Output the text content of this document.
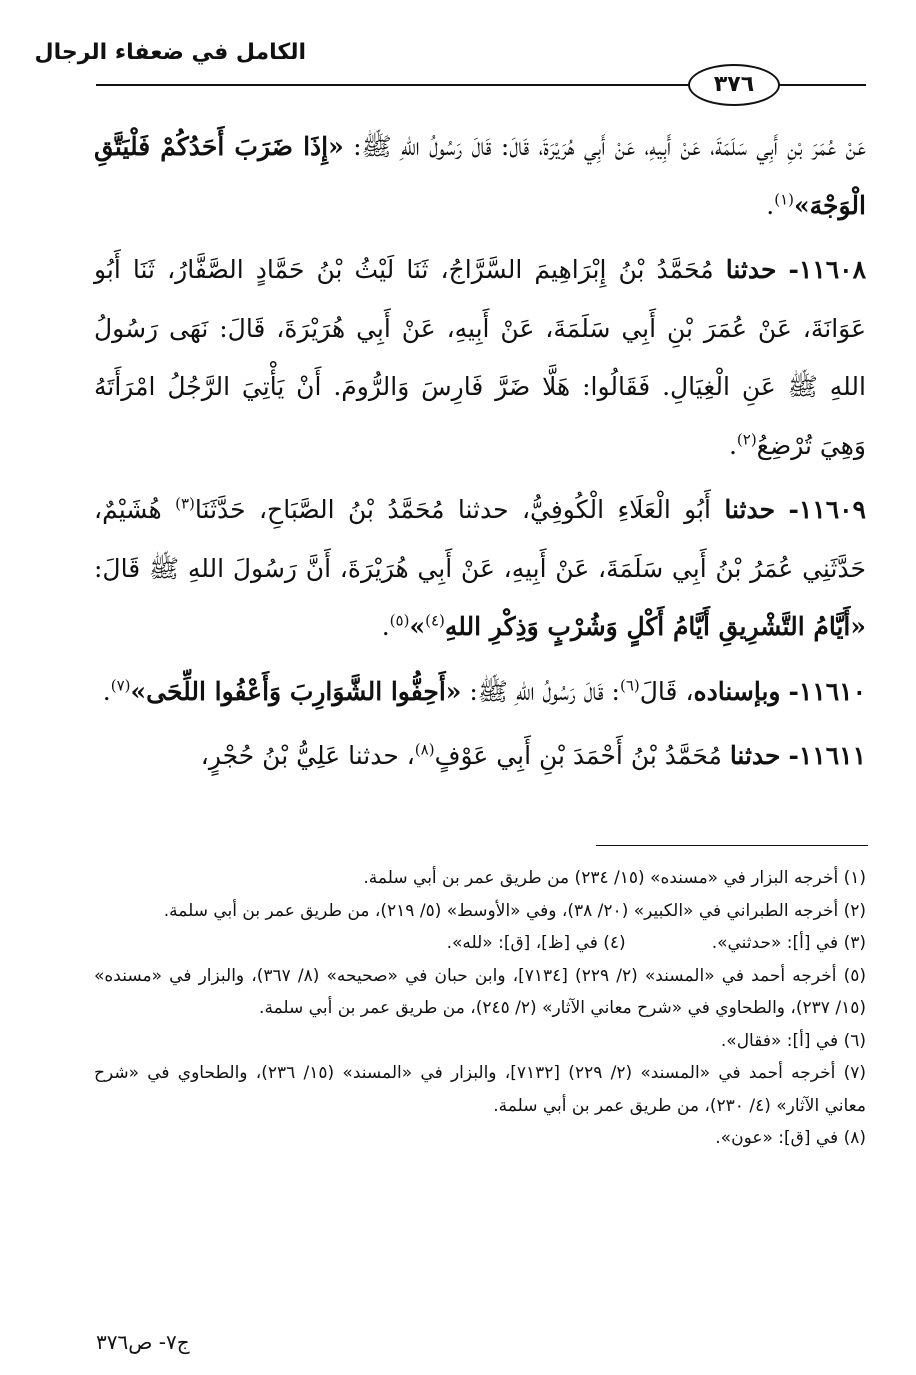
الكامل في ضعفاء الرجال
٣٧٦

عَنْ عُمَرَ بْنِ أَبِي سَلَمَةَ، عَنْ أَبِيهِ، عَنْ أَبِي هُرَيْرَةَ، قَالَ: قَالَ رَسُولُ اللهِ ﷺ: «إِذَا ضَرَبَ أَحَدُكُمْ فَلْيَتَّقِ الْوَجْهَ»$^{(١)}$.

١١٦٠٨- حدثنا مُحَمَّدُ بْنُ إِبْرَاهِيمَ السَّرَّاجُ، ثَنَا لَيْثُ بْنُ حَمَّادٍ الصَّفَّارُ، ثَنَا أَبُو عَوَانَةَ، عَنْ عُمَرَ بْنِ أَبِي سَلَمَةَ، عَنْ أَبِيهِ، عَنْ أَبِي هُرَيْرَةَ، قَالَ: نَهَى رَسُولُ اللهِ ﷺ عَنِ الْغِيَالِ. فَقَالُوا: هَلَّا ضَرَّ فَارِسَ وَالرُّومَ. أَنْ يَأْتِيَ الرَّجُلُ امْرَأَتَهُ وَهِيَ تُرْضِعُ$^{(٢)}$.

١١٦٠٩- حدثنا أَبُو الْعَلَاءِ الْكُوفِيُّ، حدثنا مُحَمَّدُ بْنُ الصَّبَاحِ، حَدَّثَنَا$^{(٣)}$ هُشَيْمٌ، حَدَّثَنِي عُمَرُ بْنُ أَبِي سَلَمَةَ، عَنْ أَبِيهِ، عَنْ أَبِي هُرَيْرَةَ، أَنَّ رَسُولَ اللهِ ﷺ قَالَ: «أَيَّامُ التَّشْرِيقِ أَيَّامُ أَكْلٍ وَشُرْبٍ وَذِكْرِ اللهِ$^{(٤)}$»$^{(٥)}$.

١١٦١٠- وبإسناده، قَالَ$^{(٦)}$: قَالَ رَسُولُ اللهِ ﷺ: «أَحِفُّوا الشَّوَارِبَ وَأَعْفُوا اللِّحَى»$^{(٧)}$.

١١٦١١- حدثنا مُحَمَّدُ بْنُ أَحْمَدَ بْنِ أَبِي عَوْفٍ$^{(٨)}$، حدثنا عَلِيُّ بْنُ حُجْرٍ،

(١) أخرجه البزار في «مسنده» (١٥/ ٢٣٤) من طريق عمر بن أبي سلمة.

(٢) أخرجه الطبراني في «الكبير» (٢٠/ ٣٨)، وفي «الأوسط» (٥/ ٢١٩)، من طريق عمر بن أبي سلمة.

(٣) في [أ]: «حدثني».
(٤) في [ظ]، [ق]: «لله».

(٥) أخرجه أحمد في «المسند» (٢/ ٢٢٩) [٧١٣٤]، وابن حبان في «صحيحه» (٨/ ٣٦٧)، والبزار في «مسنده» (١٥/ ٢٣٧)، والطحاوي في «شرح معاني الآثار» (٢/ ٢٤٥)، من طريق عمر بن أبي سلمة.

(٦) في [أ]: «فقال».

(٧) أخرجه أحمد في «المسند» (٢/ ٢٢٩) [٧١٣٢]، والبزار في «المسند» (١٥/ ٢٣٦)، والطحاوي في «شرح معاني الآثار» (٤/ ٢٣٠)، من طريق عمر بن أبي سلمة.

(٨) في [ق]: «عون».

ج٧- ص٣٧٦
